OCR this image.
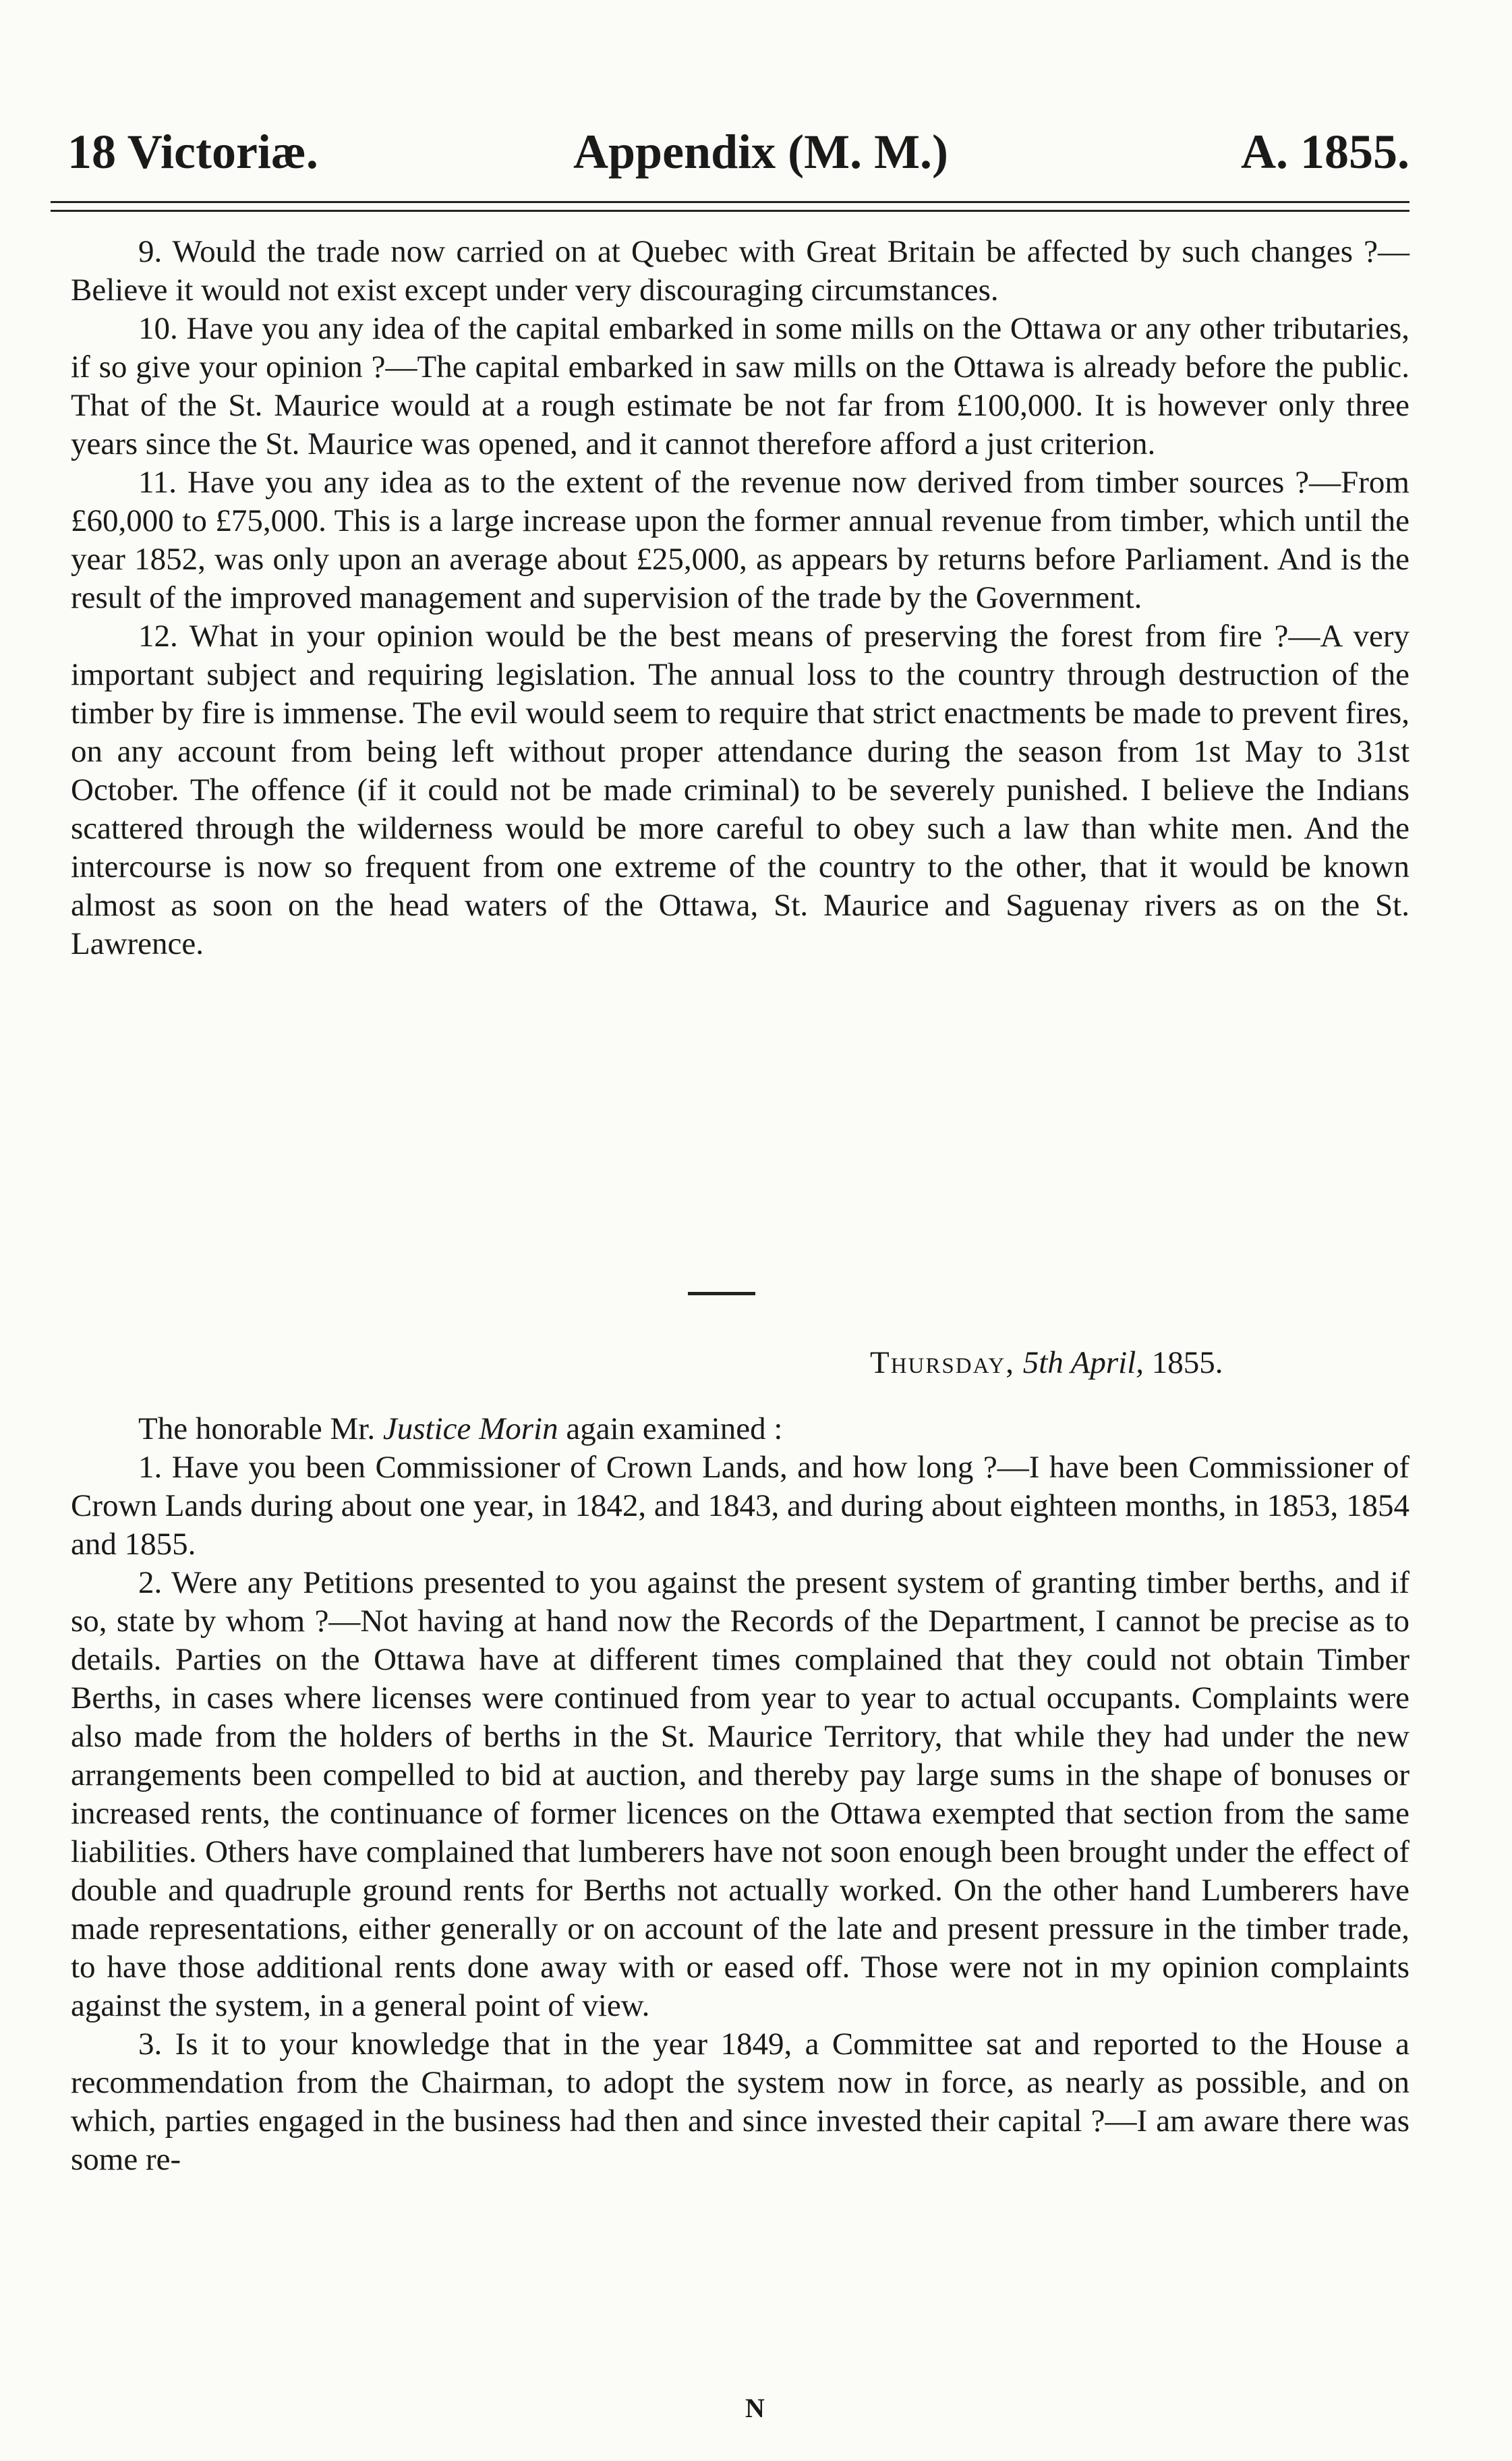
18 Victoriæ.	Appendix (M. M.)	A. 1855.

9. Would the trade now carried on at Quebec with Great Britain be affected by such changes ?—Believe it would not exist except under very discouraging circumstances.

10. Have you any idea of the capital embarked in some mills on the Ottawa or any other tributaries, if so give your opinion ?—The capital embarked in saw mills on the Ottawa is already before the public. That of the St. Maurice would at a rough estimate be not far from £100,000. It is however only three years since the St. Maurice was opened, and it cannot therefore afford a just criterion.

11. Have you any idea as to the extent of the revenue now derived from timber sources ?—From £60,000 to £75,000. This is a large increase upon the former annual revenue from timber, which until the year 1852, was only upon an average about £25,000, as appears by returns before Parliament. And is the result of the improved management and supervision of the trade by the Government.

12. What in your opinion would be the best means of preserving the forest from fire ?—A very important subject and requiring legislation. The annual loss to the country through destruction of the timber by fire is immense. The evil would seem to require that strict enactments be made to prevent fires, on any account from being left without proper attendance during the season from 1st May to 31st October. The offence (if it could not be made criminal) to be severely punished. I believe the Indians scattered through the wilderness would be more careful to obey such a law than white men. And the intercourse is now so frequent from one extreme of the country to the other, that it would be known almost as soon on the head waters of the Ottawa, St. Maurice and Saguenay rivers as on the St. Lawrence.

Thursday, 5th April, 1855.

The honorable Mr. Justice Morin again examined :

1. Have you been Commissioner of Crown Lands, and how long ?—I have been Commissioner of Crown Lands during about one year, in 1842, and 1843, and during about eighteen months, in 1853, 1854 and 1855.

2. Were any Petitions presented to you against the present system of granting timber berths, and if so, state by whom ?—Not having at hand now the Records of the Department, I cannot be precise as to details. Parties on the Ottawa have at different times complained that they could not obtain Timber Berths, in cases where licenses were continued from year to year to actual occupants. Complaints were also made from the holders of berths in the St. Maurice Territory, that while they had under the new arrangements been compelled to bid at auction, and thereby pay large sums in the shape of bonuses or increased rents, the continuance of former licences on the Ottawa exempted that section from the same liabilities. Others have complained that lumberers have not soon enough been brought under the effect of double and quadruple ground rents for Berths not actually worked. On the other hand Lumberers have made representations, either generally or on account of the late and present pressure in the timber trade, to have those additional rents done away with or eased off. Those were not in my opinion complaints against the system, in a general point of view.

3. Is it to your knowledge that in the year 1849, a Committee sat and reported to the House a recommendation from the Chairman, to adopt the system now in force, as nearly as possible, and on which, parties engaged in the business had then and since invested their capital ?—I am aware there was some re-

N
